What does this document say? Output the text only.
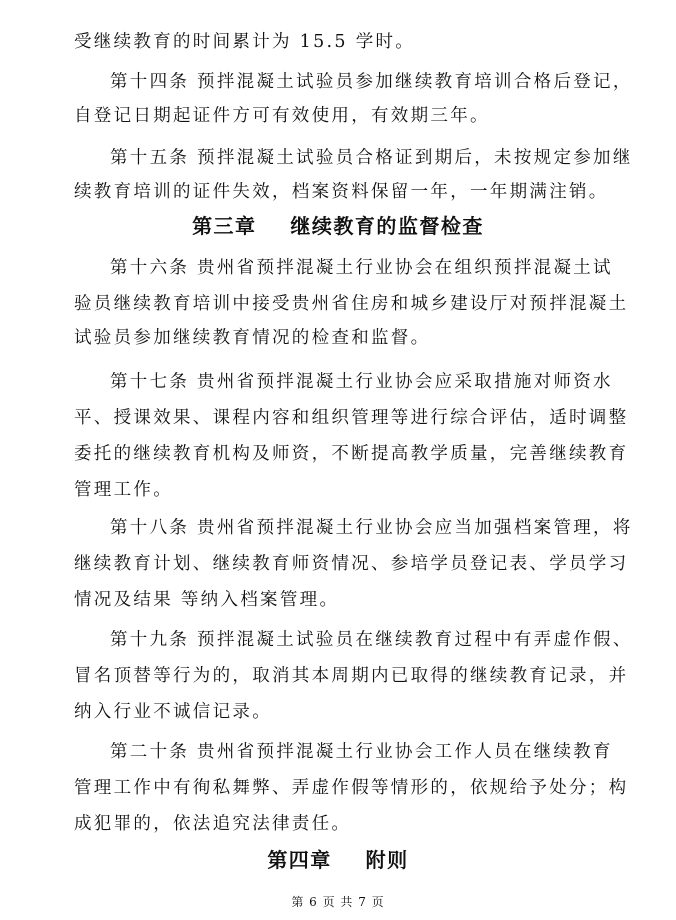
受继续教育的时间累计为 15.5 学时。
第十四条 预拌混凝土试验员参加继续教育培训合格后登记，
自登记日期起证件方可有效使用，有效期三年。
第十五条 预拌混凝土试验员合格证到期后，未按规定参加继
续教育培训的证件失效，档案资料保留一年，一年期满注销。
第三章    继续教育的监督检查
第十六条 贵州省预拌混凝土行业协会在组织预拌混凝土试
验员继续教育培训中接受贵州省住房和城乡建设厅对预拌混凝土
试验员参加继续教育情况的检查和监督。
第十七条 贵州省预拌混凝土行业协会应采取措施对师资水
平、授课效果、课程内容和组织管理等进行综合评估，适时调整
委托的继续教育机构及师资，不断提高教学质量，完善继续教育
管理工作。
第十八条 贵州省预拌混凝土行业协会应当加强档案管理，将
继续教育计划、继续教育师资情况、参培学员登记表、学员学习
情况及结果 等纳入档案管理。
第十九条 预拌混凝土试验员在继续教育过程中有弄虚作假、
冒名顶替等行为的，取消其本周期内已取得的继续教育记录，并
纳入行业不诚信记录。
第二十条 贵州省预拌混凝土行业协会工作人员在继续教育
管理工作中有徇私舞弊、弄虚作假等情形的，依规给予处分；构
成犯罪的，依法追究法律责任。
第四章    附则
第 6 页 共 7 页
